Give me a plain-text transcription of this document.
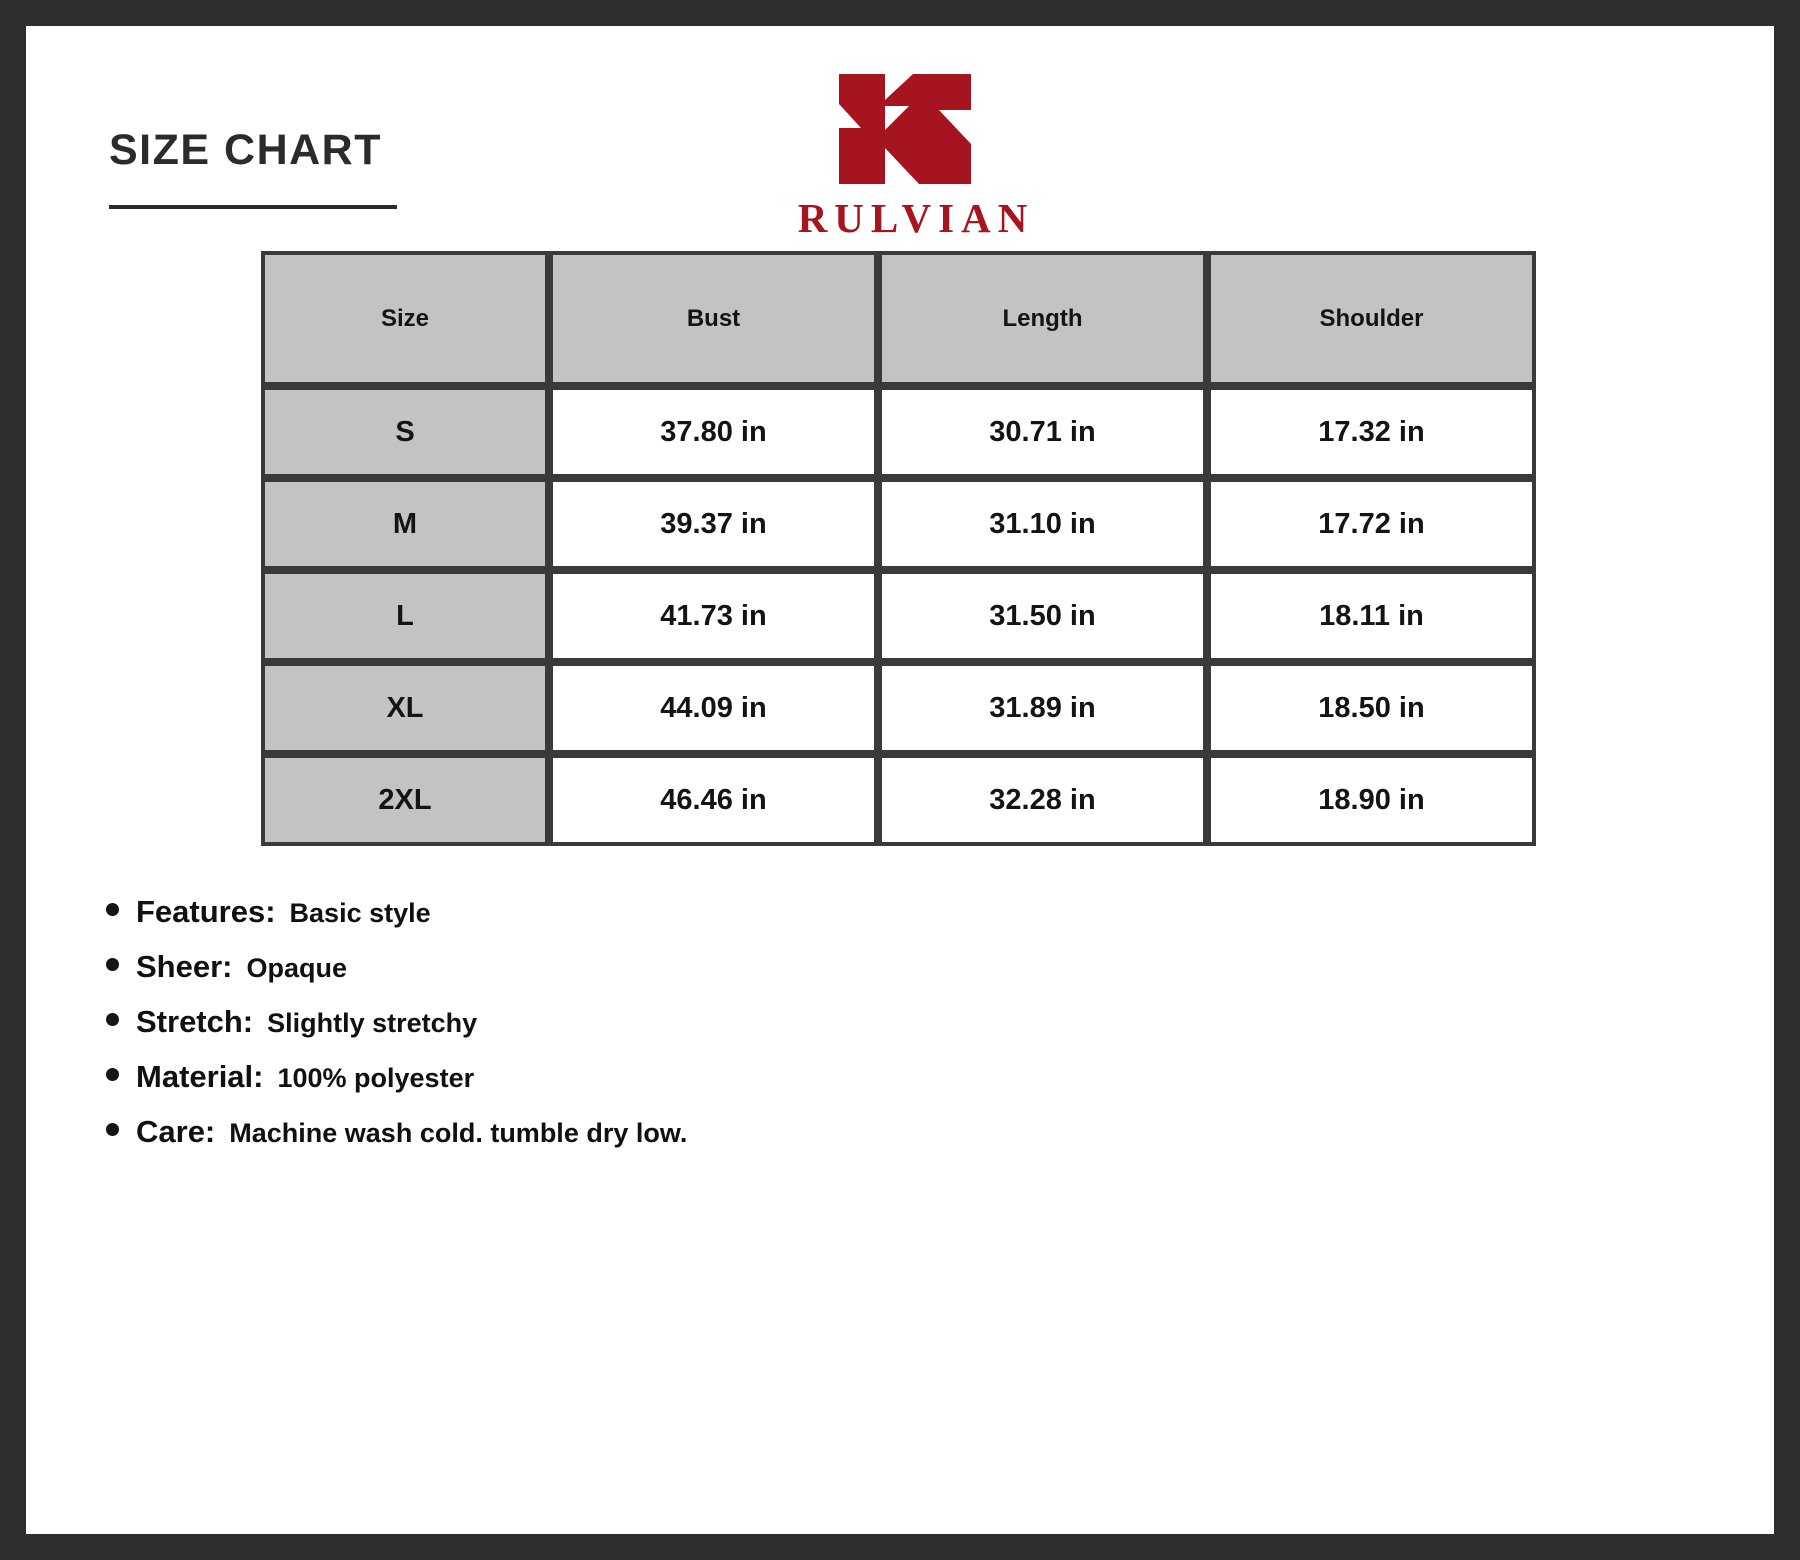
SIZE CHART
RULVIAN
Size	Bust	Length	Shoulder
S	37.80 in	30.71 in	17.32 in
M	39.37 in	31.10 in	17.72 in
L	41.73 in	31.50 in	18.11 in
XL	44.09 in	31.89 in	18.50 in
2XL	46.46 in	32.28 in	18.90 in
Features: Basic style
Sheer: Opaque
Stretch: Slightly stretchy
Material: 100% polyester
Care: Machine wash cold. tumble dry low.
